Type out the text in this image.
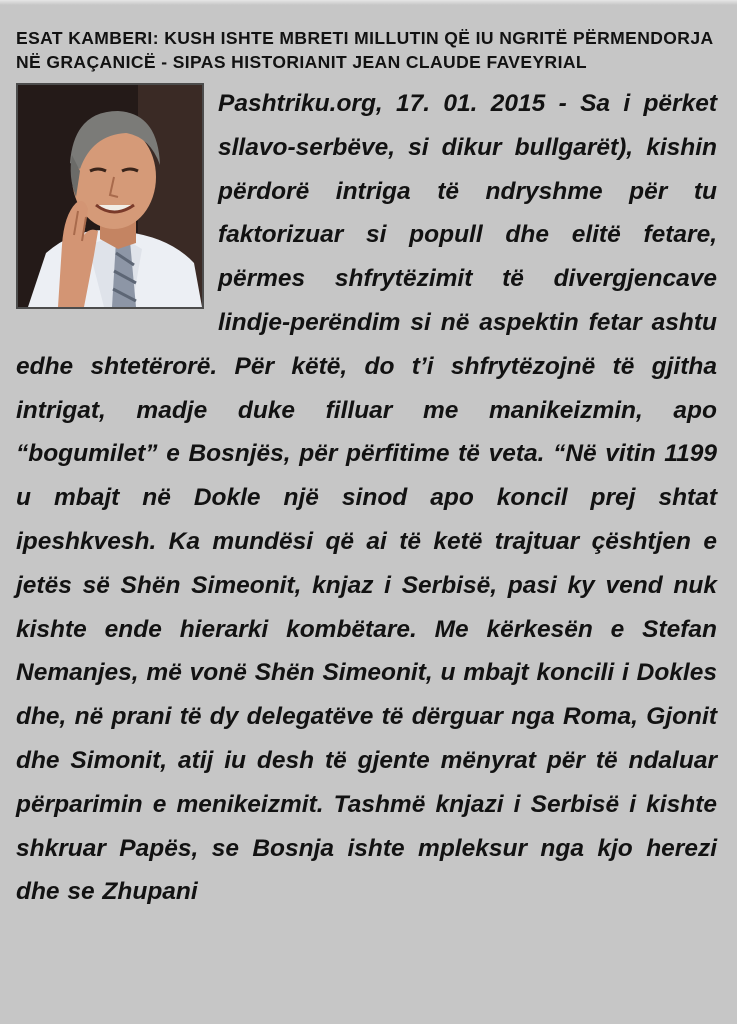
ESAT KAMBERI: KUSH ISHTE MBRETI MILLUTIN QË IU NGRITË PËRMENDORJA NË GRAÇANICË - SIPAS HISTORIANIT JEAN CLAUDE FAVEYRIAL

Pashtriku.org, 17. 01. 2015 - Sa i përket sllavo-serbëve, si dikur bullgarët), kishin përdorë intriga të ndryshme për tu faktorizuar si popull dhe elitë fetare, përmes shfrytëzimit të divergjencave lindje-perëndim si në aspektin fetar ashtu edhe shtetërorë. Për këtë, do t’i shfrytëzojnë të gjitha intrigat, madje duke filluar me manikeizmin, apo “bogumilet” e Bosnjës, për përfitime të veta. “Në vitin 1199 u mbajt në Dokle një sinod apo koncil prej shtat ipeshkvesh. Ka mundësi që ai të ketë trajtuar çështjen e jetës së Shën Simeonit, knjaz i Serbisë, pasi ky vend nuk kishte ende hierarki kombëtare. Me kërkesën e Stefan Nemanjes, më vonë Shën Simeonit, u mbajt koncili i Dokles dhe, në prani të dy delegatëve të dërguar nga Roma, Gjonit dhe Simonit, atij iu desh të gjente mënyrat për të ndaluar përparimin e menikeizmit. Tashmë knjazi i Serbisë i kishte shkruar Papës, se Bosnja ishte mpleksur nga kjo herezi dhe se Zhupani
